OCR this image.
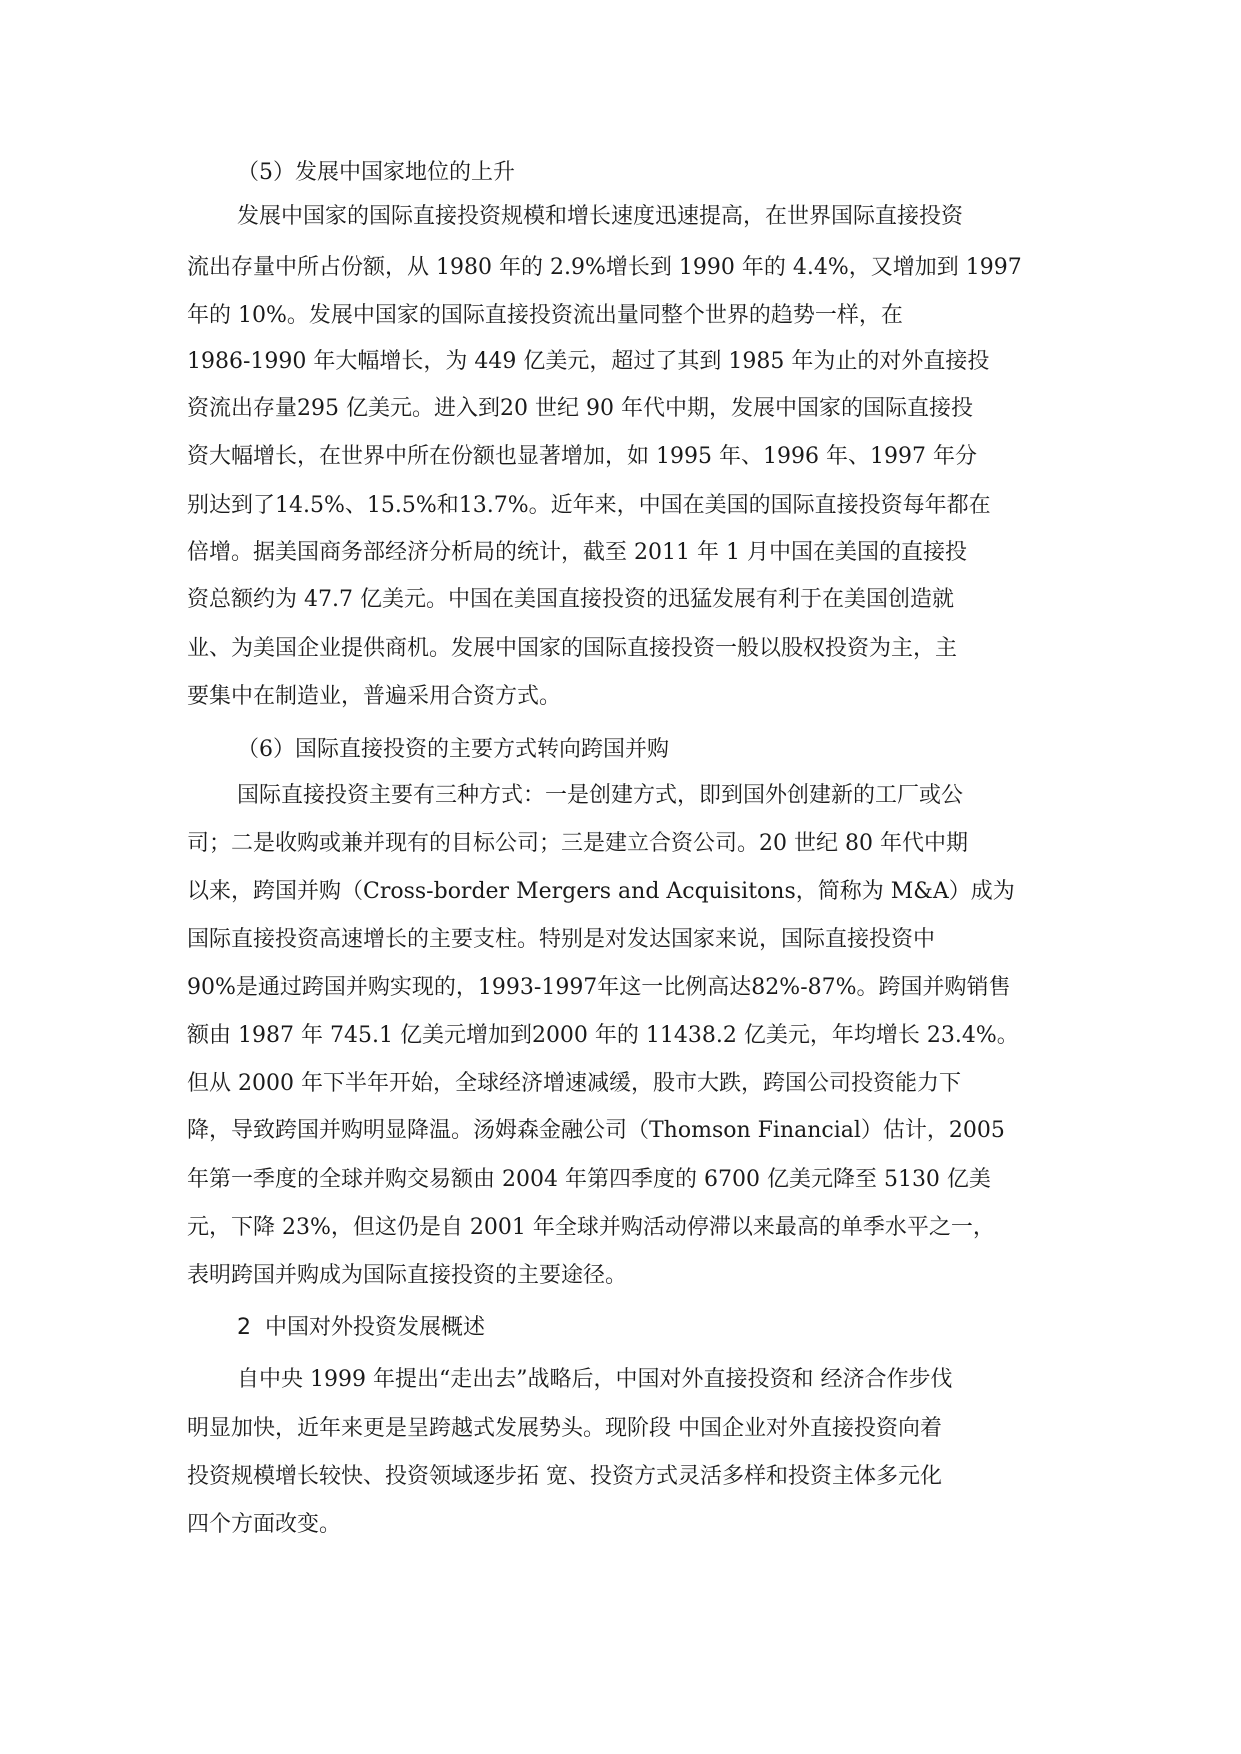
（5）发展中国家地位的上升

发展中国家的国际直接投资规模和增长速度迅速提高，在世界国际直接投资

流出存量中所占份额，从 1980 年的 2.9%增长到 1990 年的 4.4%，又增加到 1997

年的 10%。发展中国家的国际直接投资流出量同整个世界的趋势一样，在

1986-1990 年大幅增长，为 449 亿美元，超过了其到 1985 年为止的对外直接投

资流出存量295 亿美元。进入到20 世纪 90 年代中期，发展中国家的国际直接投

资大幅增长，在世界中所在份额也显著增加，如 1995 年、1996 年、1997 年分

别达到了14.5%、15.5%和13.7%。近年来，中国在美国的国际直接投资每年都在

倍增。据美国商务部经济分析局的统计，截至 2011 年 1 月中国在美国的直接投

资总额约为 47.7 亿美元。中国在美国直接投资的迅猛发展有利于在美国创造就

业、为美国企业提供商机。发展中国家的国际直接投资一般以股权投资为主，主

要集中在制造业，普遍采用合资方式。

（6）国际直接投资的主要方式转向跨国并购

国际直接投资主要有三种方式：一是创建方式，即到国外创建新的工厂或公

司；二是收购或兼并现有的目标公司；三是建立合资公司。20 世纪 80 年代中期

以来，跨国并购（Cross-border Mergers and Acquisitons，简称为 M&A）成为

国际直接投资高速增长的主要支柱。特别是对发达国家来说，国际直接投资中

90%是通过跨国并购实现的，1993-1997年这一比例高达82%-87%。跨国并购销售

额由 1987 年 745.1 亿美元增加到2000 年的 11438.2 亿美元，年均增长 23.4%。

但从 2000 年下半年开始，全球经济增速减缓，股市大跌，跨国公司投资能力下

降，导致跨国并购明显降温。汤姆森金融公司（Thomson Financial）估计，2005

年第一季度的全球并购交易额由 2004 年第四季度的 6700 亿美元降至 5130 亿美

元，下降 23%，但这仍是自 2001 年全球并购活动停滞以来最高的单季水平之一，

表明跨国并购成为国际直接投资的主要途径。

2  中国对外投资发展概述

自中央 1999 年提出“走出去”战略后，中国对外直接投资和 经济合作步伐

明显加快，近年来更是呈跨越式发展势头。现阶段 中国企业对外直接投资向着

投资规模增长较快、投资领域逐步拓 宽、投资方式灵活多样和投资主体多元化

四个方面改变。
